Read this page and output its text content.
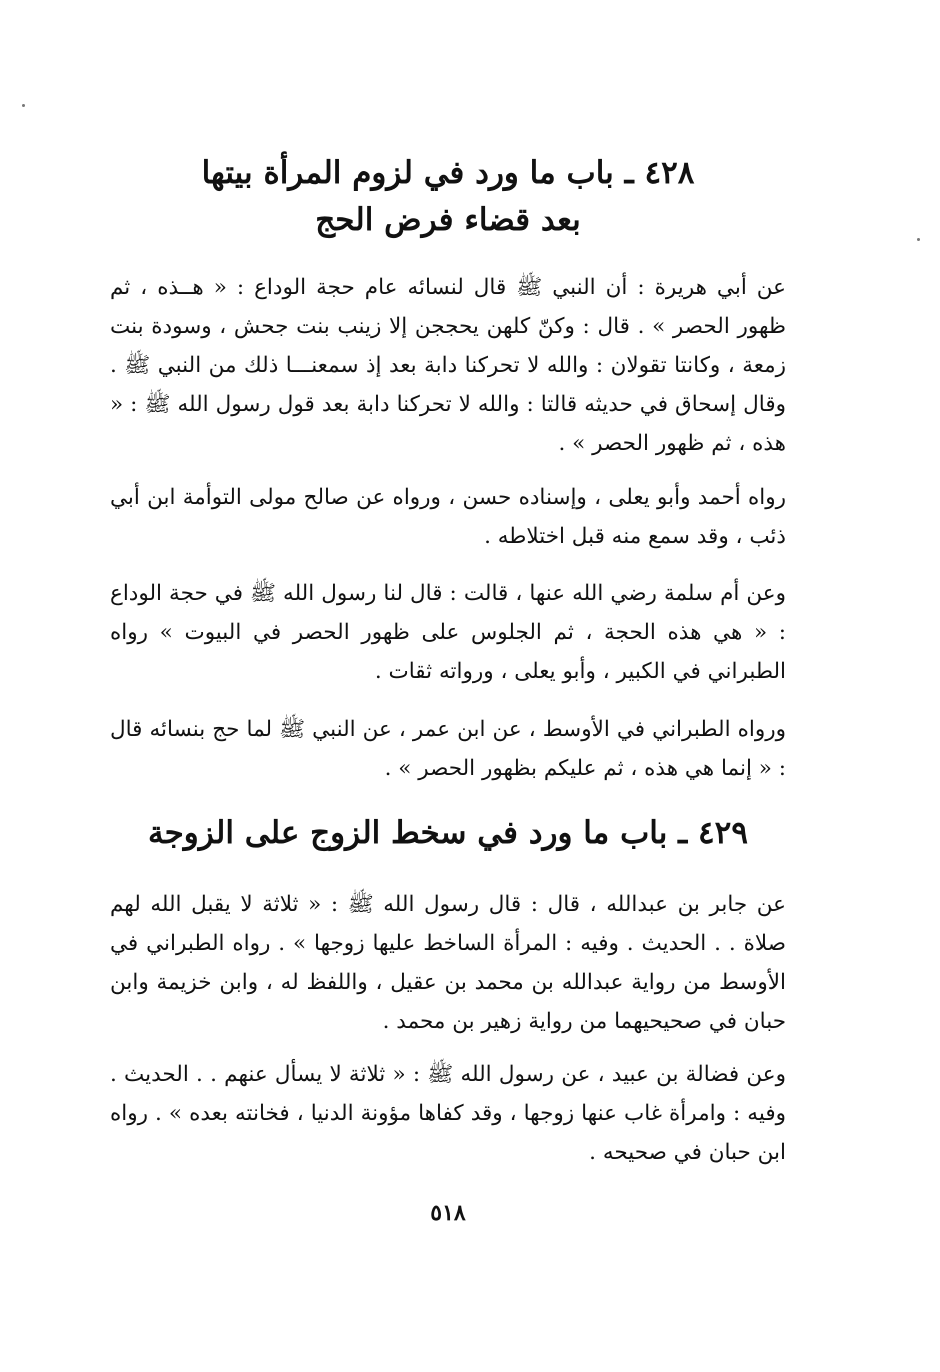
٤٢٨ ـ باب ما ورد في لزوم المرأة بيتها
بعد قضاء فرض الحج

عن أبي هريرة : أن النبي ﷺ قال لنسائه عام حجة الوداع : « هــذه ، ثم ظهور الحصر » . قال : وكنّ كلهن يحججن إلا زينب بنت جحش ، وسودة بنت زمعة ، وكانتا تقولان : والله لا تحركنا دابة بعد إذ سمعنـــا ذلك من النبي ﷺ . وقال إسحاق في حديثه قالتا : والله لا تحركنا دابة بعد قول رسول الله ﷺ : « هذه ، ثم ظهور الحصر » .

رواه أحمد وأبو يعلى ، وإسناده حسن ، ورواه عن صالح مولى التوأمة ابن أبي ذئب ، وقد سمع منه قبل اختلاطه .

وعن أم سلمة رضي الله عنها ، قالت : قال لنا رسول الله ﷺ في حجة الوداع : « هي هذه الحجة ، ثم الجلوس على ظهور الحصر في البيوت » رواه الطبراني في الكبير ، وأبو يعلى ، ورواته ثقات .

ورواه الطبراني في الأوسط ، عن ابن عمر ، عن النبي ﷺ لما حج بنسائه قال : « إنما هي هذه ، ثم عليكم بظهور الحصر » .

٤٢٩ ـ باب ما ورد في سخط الزوج على الزوجة

عن جابر بن عبدالله ، قال : قال رسول الله ﷺ : « ثلاثة لا يقبل الله لهم صلاة . . الحديث . وفيه : المرأة الساخط عليها زوجها » . رواه الطبراني في الأوسط من رواية عبدالله بن محمد بن عقيل ، واللفظ له ، وابن خزيمة وابن حبان في صحيحيهما من رواية زهير بن محمد .

وعن فضالة بن عبيد ، عن رسول الله ﷺ : « ثلاثة لا يسأل عنهم . . الحديث . وفيه : وامرأة غاب عنها زوجها ، وقد كفاها مؤونة الدنيا ، فخانته بعده » . رواه ابن حبان في صحيحه .

٥١٨
